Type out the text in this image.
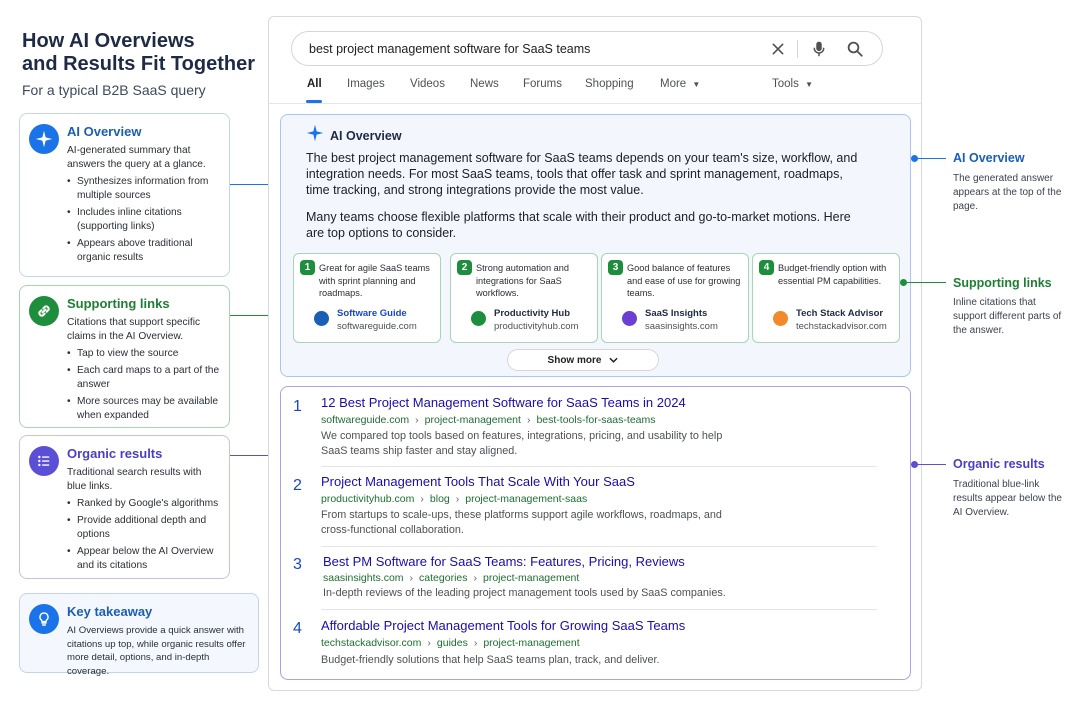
How AI Overviews
and Results Fit Together
For a typical B2B SaaS query
AI Overview
AI-generated summary that answers the query at a glance.
• Synthesizes information from multiple sources
• Includes inline citations (supporting links)
• Appears above traditional organic results
Supporting links
Citations that support specific claims in the AI Overview.
• Tap to view the source
• Each card maps to a part of the answer
• More sources may be available when expanded
Organic results
Traditional search results with blue links.
• Ranked by Google's algorithms
• Provide additional depth and options
• Appear below the AI Overview and its citations
Key takeaway
AI Overviews provide a quick answer with citations up top, while organic results offer more detail, options, and in-depth coverage.
best project management software for SaaS teams
All Images Videos News Forums Shopping More ▼	Tools ▼
AI Overview
The best project management software for SaaS teams depends on your team's size, workflow, and integration needs. For most SaaS teams, tools that offer task and sprint management, roadmaps, time tracking, and strong integrations provide the most value.
Many teams choose flexible platforms that scale with their product and go-to-market motions. Here are top options to consider.
1 Great for agile SaaS teams with sprint planning and roadmaps.
Software Guide
softwareguide.com
2 Strong automation and integrations for SaaS workflows.
Productivity Hub
productivityhub.com
3 Good balance of features and ease of use for growing teams.
SaaS Insights
saasinsights.com
4 Budget-friendly option with essential PM capabilities.
Tech Stack Advisor
techstackadvisor.com
Show more
1 12 Best Project Management Software for SaaS Teams in 2024
softwareguide.com › project-management › best-tools-for-saas-teams
We compared top tools based on features, integrations, pricing, and usability to help SaaS teams ship faster and stay aligned.
2 Project Management Tools That Scale With Your SaaS
productivityhub.com › blog › project-management-saas
From startups to scale-ups, these platforms support agile workflows, roadmaps, and cross-functional collaboration.
3 Best PM Software for SaaS Teams: Features, Pricing, Reviews
saasinsights.com › categories › project-management
In-depth reviews of the leading project management tools used by SaaS companies.
4 Affordable Project Management Tools for Growing SaaS Teams
techstackadvisor.com › guides › project-management
Budget-friendly solutions that help SaaS teams plan, track, and deliver.
AI Overview
The generated answer appears at the top of the page.
Supporting links
Inline citations that support different parts of the answer.
Organic results
Traditional blue-link results appear below the AI Overview.
